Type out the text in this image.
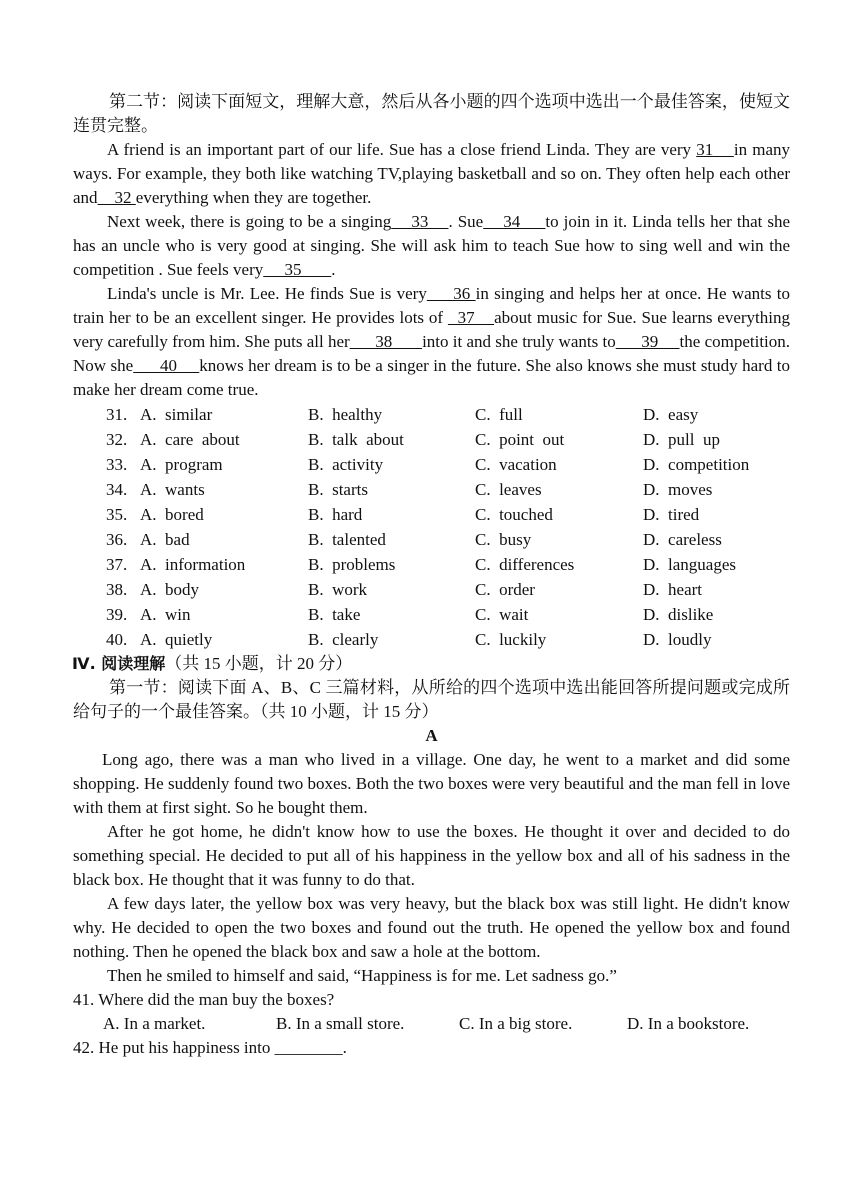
第二节：阅读下面短文，理解大意，然后从各小题的四个选项中选出一个最佳答案，使短文连贯完整。

A friend is an important part of our life. Sue has a close friend Linda. They are very 31    in many ways. For example, they both like watching TV,playing basketball and so on. They often help each other and    32 everything when they are together.

Next week, there is going to be a singing    33    . Sue    34     to join in it. Linda tells her that she has an uncle who is very good at singing. She will ask him to teach Sue how to sing well and win the competition . Sue feels very     35       .

Linda's uncle is Mr. Lee. He finds Sue is very     36 in singing and helps her at once. He wants to train her to be an excellent singer. He provides lots of   37    about music for Sue. Sue learns everything very carefully from him. She puts all her      38       into it and she truly wants to      39     the competition. Now she      40     knows her dream is to be a singer in the future. She also knows she must study hard to make her dream come true.

31. A.  similar	B.  healthy	C.  full	D.  easy
32. A.  care  about	B.  talk  about	C.  point  out	D.  pull  up
33. A.  program	B.  activity	C.  vacation	D.  competition
34. A.  wants	B.  starts	C.  leaves	D.  moves
35. A.  bored	B.  hard	C.  touched	D.  tired
36. A.  bad	B.  talented	C.  busy	D.  careless
37. A.  information	B.  problems	C.  differences	D.  languages
38. A.  body	B.  work	C.  order	D.  heart
39. A.  win	B.  take	C.  wait	D.  dislike
40. A.  quietly	B.  clearly	C.  luckily	D.  loudly

Ⅳ. 阅读理解（共 15 小题，计 20 分）

第一节：阅读下面 A、B、C 三篇材料，从所给的四个选项中选出能回答所提问题或完成所给句子的一个最佳答案。（共 10 小题，计 15 分）

A

Long ago, there was a man who lived in a village. One day, he went to a market and did some shopping. He suddenly found two boxes. Both the two boxes were very beautiful and the man fell in love with them at first sight. So he bought them.

After he got home, he didn't know how to use the boxes. He thought it over and decided to do something special. He decided to put all of his happiness in the yellow box and all of his sadness in the black box. He thought that it was funny to do that.

A few days later, the yellow box was very heavy, but the black box was still light. He didn't know why. He decided to open the two boxes and found out the truth. He opened the yellow box and found nothing. Then he opened the black box and saw a hole at the bottom.

Then he smiled to himself and said, “Happiness is for me. Let sadness go.”

41. Where did the man buy the boxes?

A. In a market.	B. In a small store.	C. In a big store.	D. In a bookstore.

42. He put his happiness into ________.
